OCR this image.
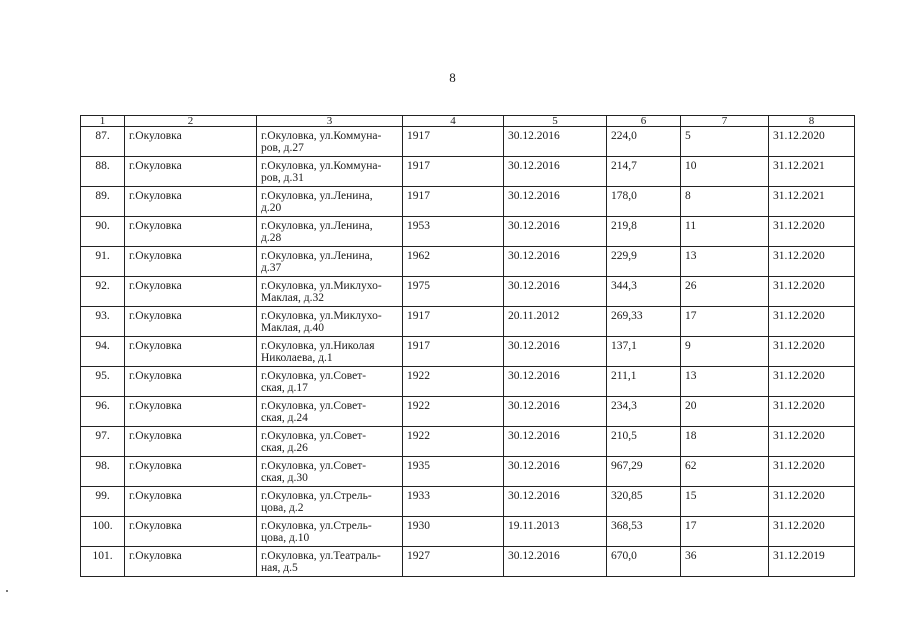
8
1	2	3	4	5	6	7	8
87.	г.Окуловка	г.Окуловка, ул.Коммуна-
ров, д.27	1917	30.12.2016	224,0	5	31.12.2020
88.	г.Окуловка	г.Окуловка, ул.Коммуна-
ров, д.31	1917	30.12.2016	214,7	10	31.12.2021
89.	г.Окуловка	г.Окуловка, ул.Ленина,
д.20	1917	30.12.2016	178,0	8	31.12.2021
90.	г.Окуловка	г.Окуловка, ул.Ленина,
д.28	1953	30.12.2016	219,8	11	31.12.2020
91.	г.Окуловка	г.Окуловка, ул.Ленина,
д.37	1962	30.12.2016	229,9	13	31.12.2020
92.	г.Окуловка	г.Окуловка, ул.Миклухо-
Маклая, д.32	1975	30.12.2016	344,3	26	31.12.2020
93.	г.Окуловка	г.Окуловка, ул.Миклухо-
Маклая, д.40	1917	20.11.2012	269,33	17	31.12.2020
94.	г.Окуловка	г.Окуловка, ул.Николая
Николаева, д.1	1917	30.12.2016	137,1	9	31.12.2020
95.	г.Окуловка	г.Окуловка, ул.Совет-
ская, д.17	1922	30.12.2016	211,1	13	31.12.2020
96.	г.Окуловка	г.Окуловка, ул.Совет-
ская, д.24	1922	30.12.2016	234,3	20	31.12.2020
97.	г.Окуловка	г.Окуловка, ул.Совет-
ская, д.26	1922	30.12.2016	210,5	18	31.12.2020
98.	г.Окуловка	г.Окуловка, ул.Совет-
ская, д.30	1935	30.12.2016	967,29	62	31.12.2020
99.	г.Окуловка	г.Окуловка, ул.Стрель-
цова, д.2	1933	30.12.2016	320,85	15	31.12.2020
100.	г.Окуловка	г.Окуловка, ул.Стрель-
цова, д.10	1930	19.11.2013	368,53	17	31.12.2020
101.	г.Окуловка	г.Окуловка, ул.Театраль-
ная, д.5	1927	30.12.2016	670,0	36	31.12.2019
